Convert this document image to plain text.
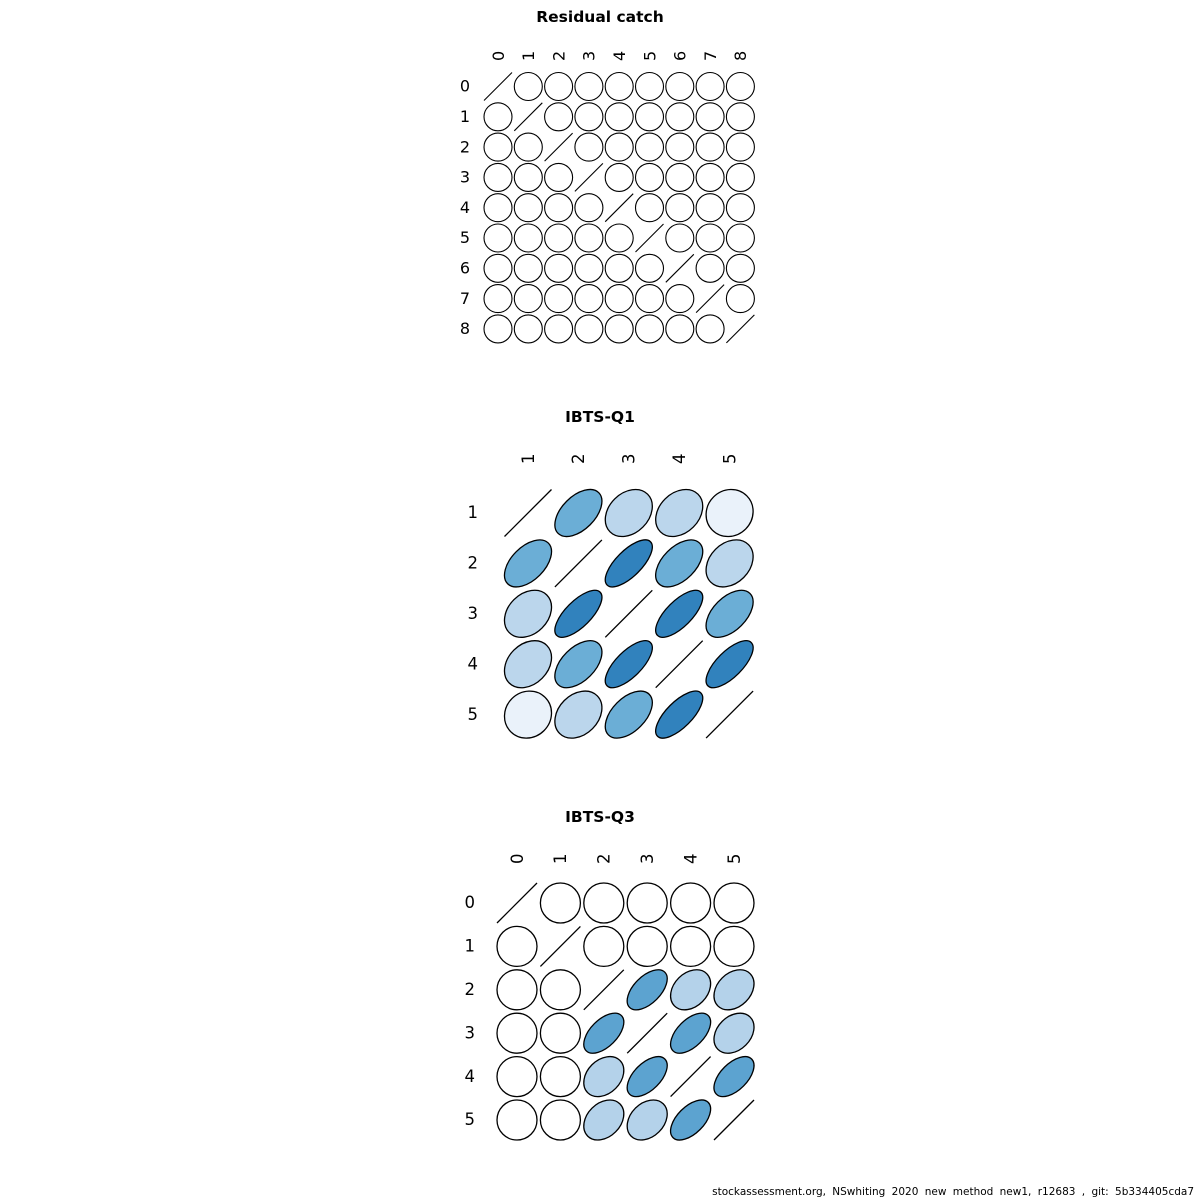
Residual catch
0 1 2 3 4 5 6 7 8
0
1
2
3
4
5
6
7
8
IBTS-Q1
1 2 3 4 5
1
2
3
4
5
IBTS-Q3
0 1 2 3 4 5
0
1
2
3
4
5
stockassessment.org, NSwhiting 2020 new method new1, r12683 , git: 5b334405cda7
